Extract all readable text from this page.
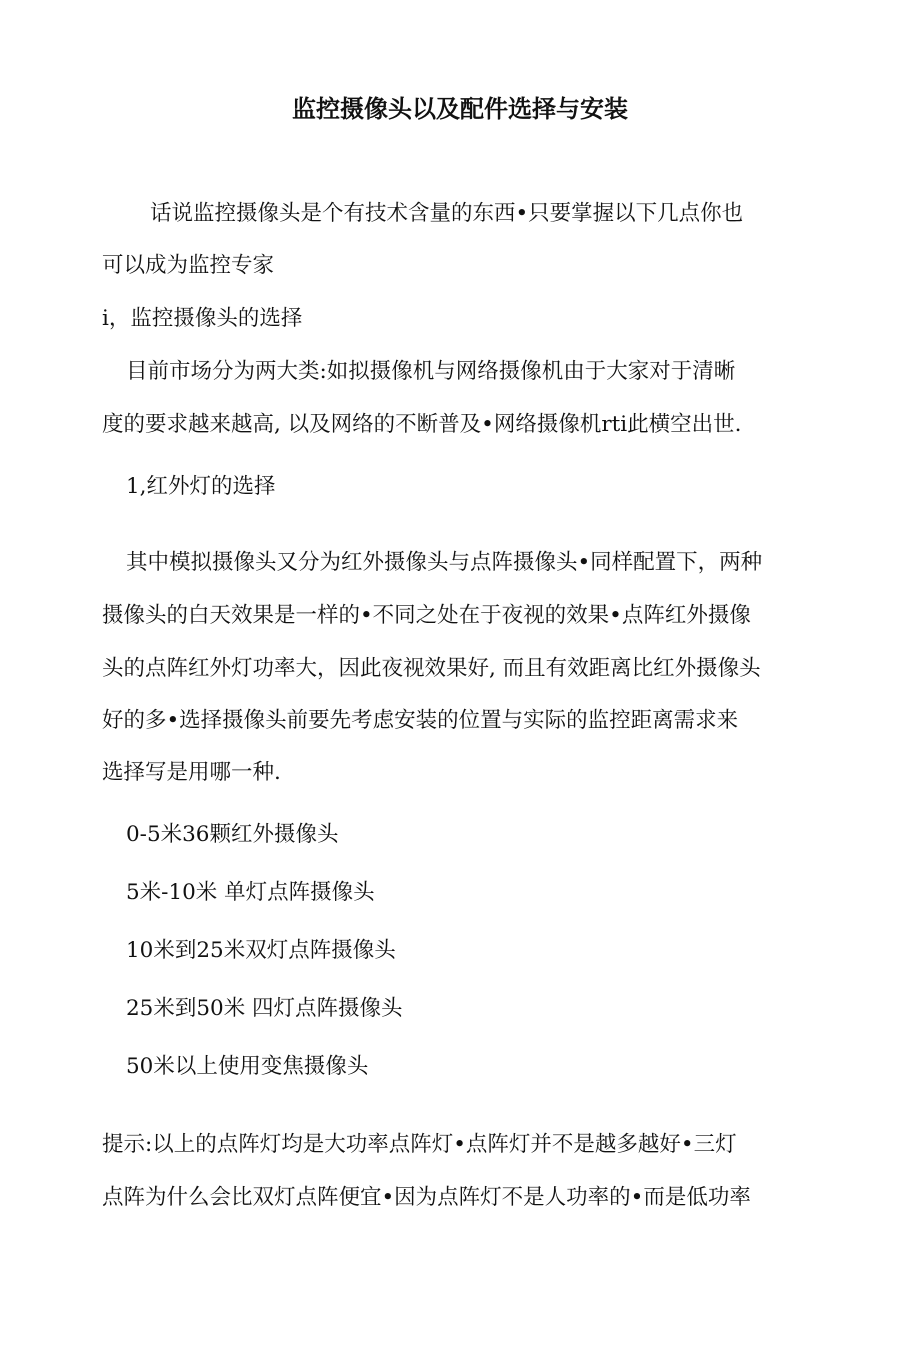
监控摄像头以及配件选择与安装

话说监控摄像头是个有技术含量的东西•只要掌握以下几点你也

可以成为监控专家

i，监控摄像头的选择

目前市场分为两大类:如拟摄像机与网络摄像机由于大家对于清晰

度的要求越来越高, 以及网络的不断普及•网络摄像机rti此横空出世.

1,红外灯的选择

其中模拟摄像头又分为红外摄像头与点阵摄像头•同样配置下，两种

摄像头的白天效果是一样的•不同之处在于夜视的效果•点阵红外摄像

头的点阵红外灯功率大，因此夜视效果好, 而且有效距离比红外摄像头

好的多•选择摄像头前要先考虑安装的位置与实际的监控距离需求来

选择写是用哪一种.

0-5米36颗红外摄像头

5米-10米 单灯点阵摄像头

10米到25米双灯点阵摄像头

25米到50米 四灯点阵摄像头

50米以上使用变焦摄像头

提示:以上的点阵灯均是大功率点阵灯•点阵灯并不是越多越好•三灯

点阵为什么会比双灯点阵便宜•因为点阵灯不是人功率的•而是低功率
